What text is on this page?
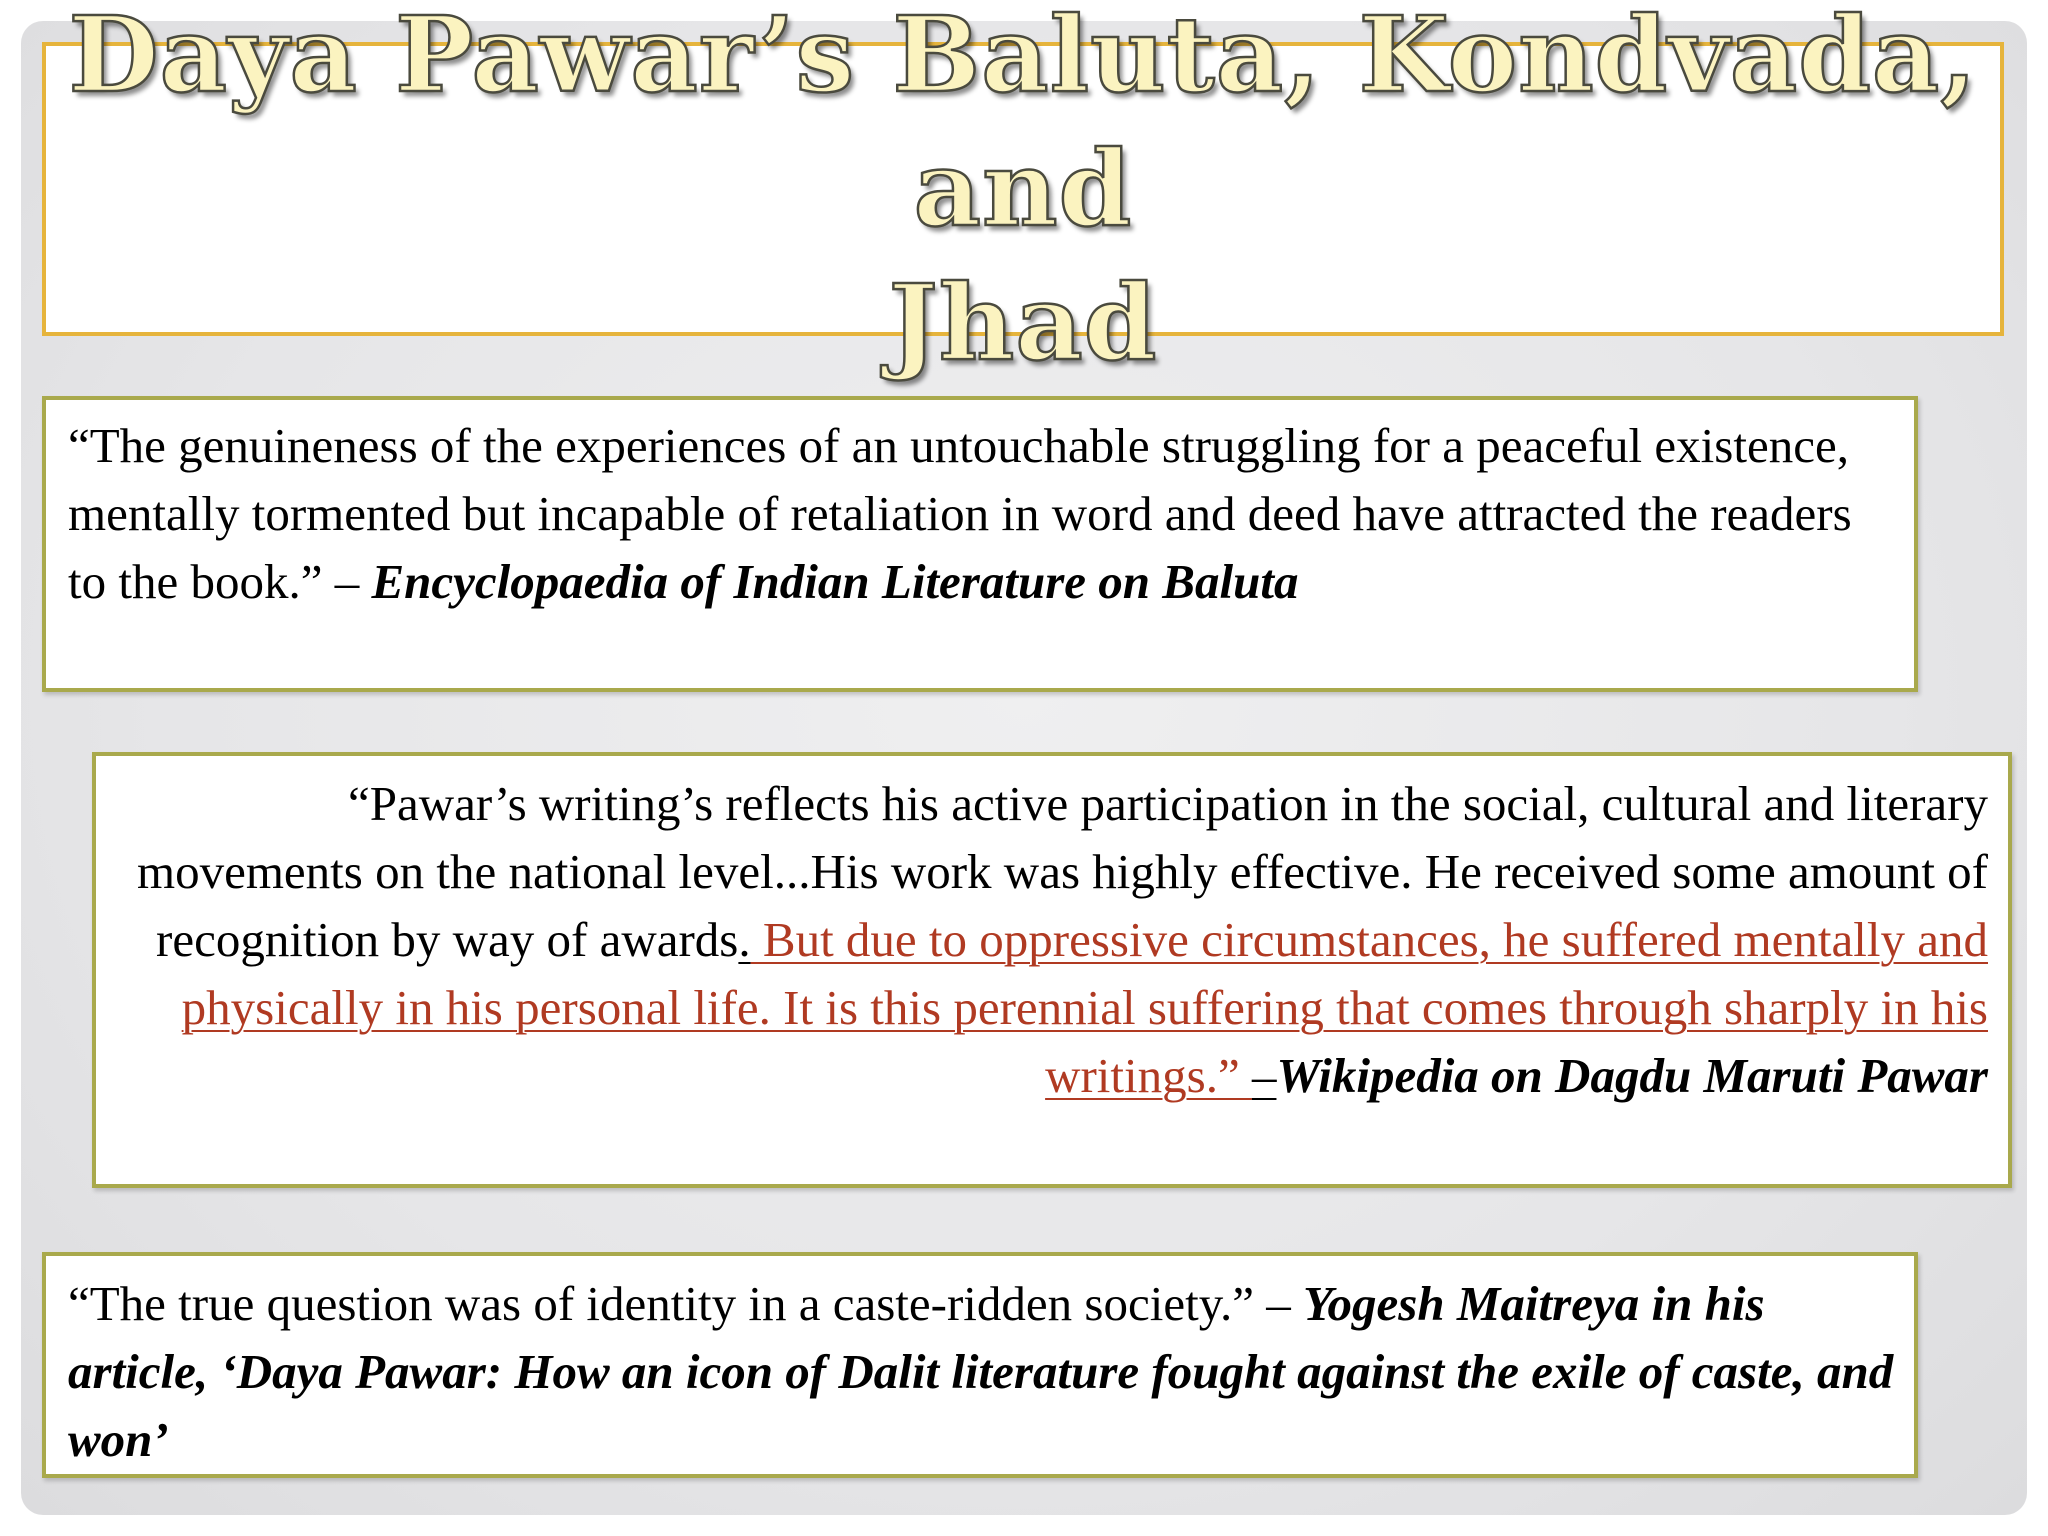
Daya Pawar’s Baluta, Kondvada, and
Jhad
“The genuineness of the experiences of an untouchable struggling for a peaceful existence, mentally tormented but incapable of retaliation in word and deed have attracted the readers to the book.” – Encyclopaedia of Indian Literature on Baluta
“Pawar’s writing’s reflects his active participation in the social, cultural and literary movements on the national level...His work was highly effective. He received some amount of recognition by way of awards. But due to oppressive circumstances, he suffered mentally and physically in his personal life. It is this perennial suffering that comes through sharply in his writings.” –Wikipedia on Dagdu Maruti Pawar
“The true question was of identity in a caste-ridden society.” – Yogesh Maitreya in his article, ‘Daya Pawar: How an icon of Dalit literature fought against the exile of caste, and won’
